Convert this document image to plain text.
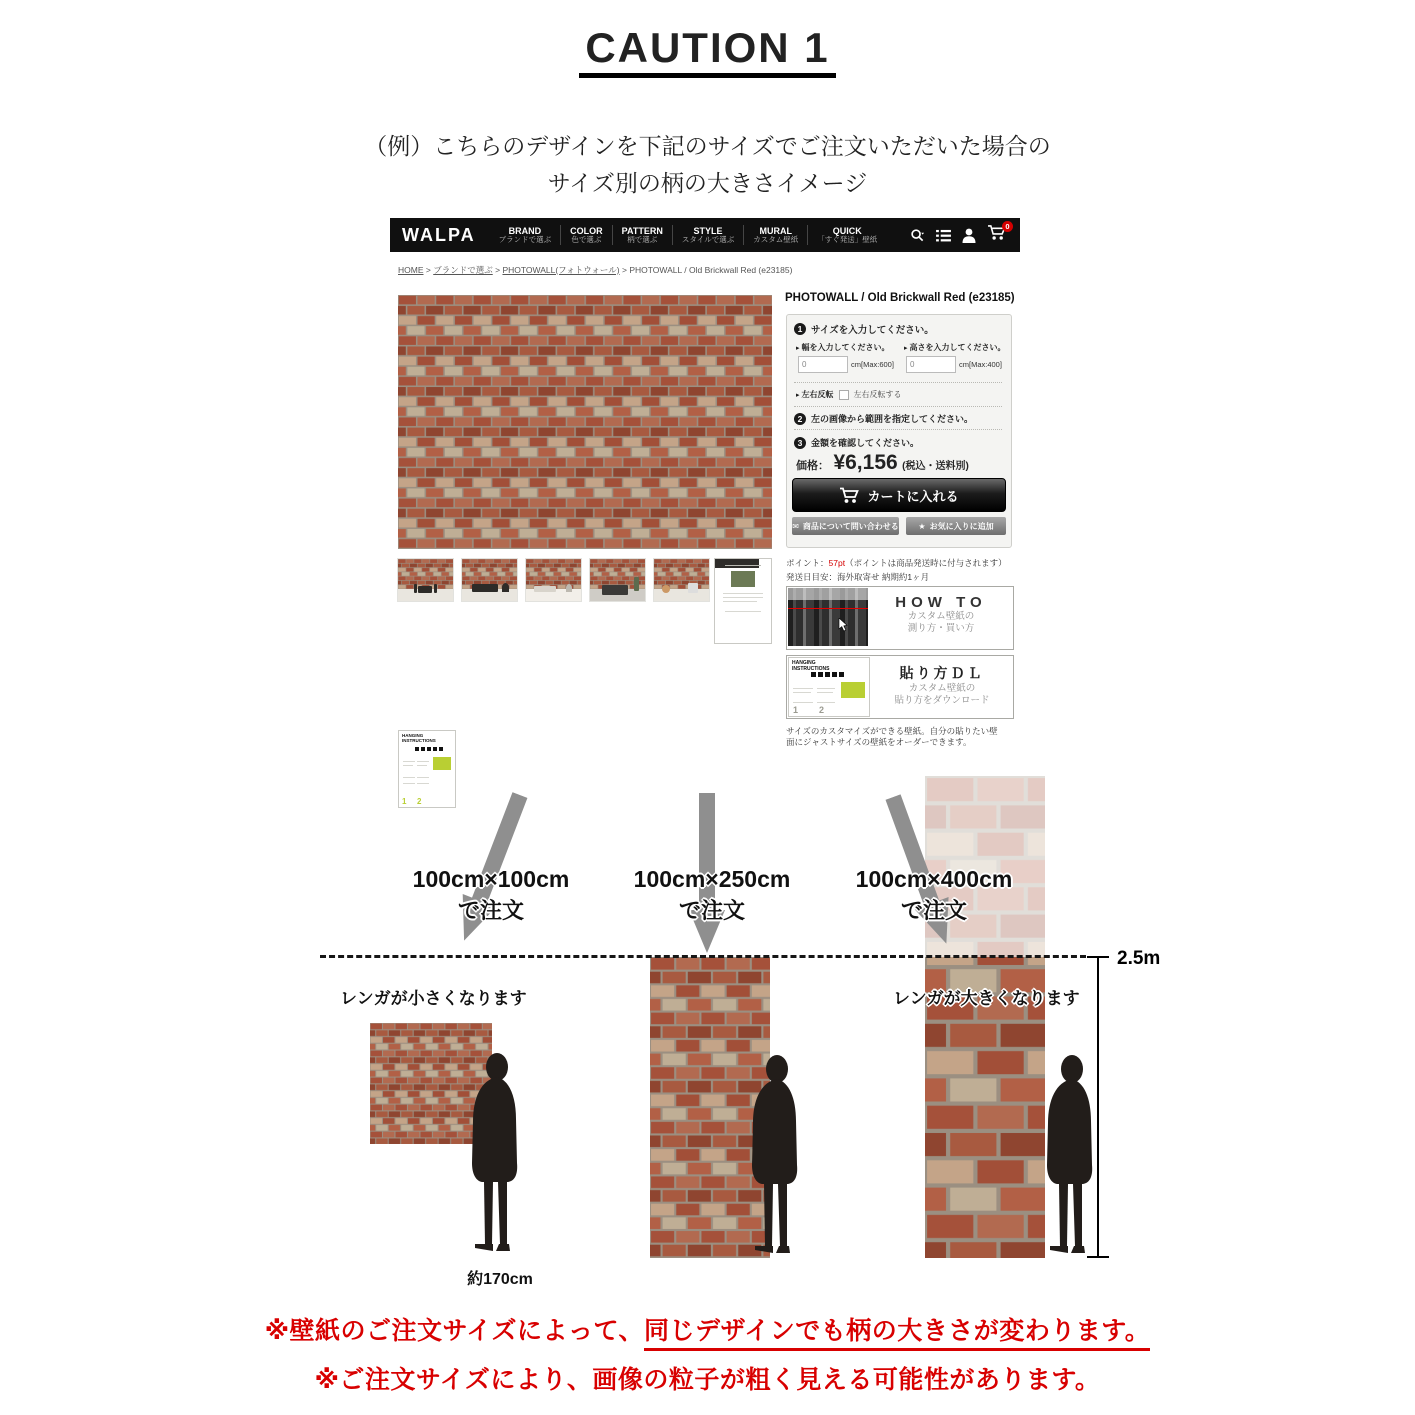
CAUTION 1
（例）こちらのデザインを下記のサイズでご注文いただいた場合の
サイズ別の柄の大きさイメージ
WALPA	BRAND
ブランドで選ぶ
COLOR
色で選ぶ
PATTERN
柄で選ぶ
STYLE
スタイルで選ぶ
MURAL
カスタム壁紙
QUICK
「すぐ発送」壁紙
0
HOME > ブランドで選ぶ > PHOTOWALL(フォトウォール) > PHOTOWALL / Old Brickwall Red (e23185)
PHOTOWALL / Old Brickwall Red (e23185)
1 サイズを入力してください。
▸ 幅を入力してください。 ▸ 高さを入力してください。
0	cm[Max:600]	0	cm[Max:400]
▸ 左右反転	左右反転する
2 左の画像から範囲を指定してください。
3 金額を確認してください。
価格： ¥6,156 (税込・送料別)
カートに入れる
✉ 商品について問い合わせる ★ お気に入りに追加
ポイント：57pt（ポイントは商品発送時に付与されます）
発送日目安：海外取寄せ 納期約1ヶ月
HOW TO
カスタム壁紙の
測り方・買い方
HANGING
INSTRUCTIONS
1 2
貼り方ＤＬ
カスタム壁紙の
貼り方をダウンロード
サイズのカスタマイズができる壁紙。自分の貼りたい壁面にジャストサイズの壁紙をオーダーできます。
HANGING
INSTRUCTIONS
1 2
100cm×100cm
で注文
100cm×250cm
で注文
100cm×400cm
で注文
2.5m
レンガが小さくなります	レンガが大きくなります
約170cm
※壁紙のご注文サイズによって、同じデザインでも柄の大きさが変わります。
※ご注文サイズにより、画像の粒子が粗く見える可能性があります。
